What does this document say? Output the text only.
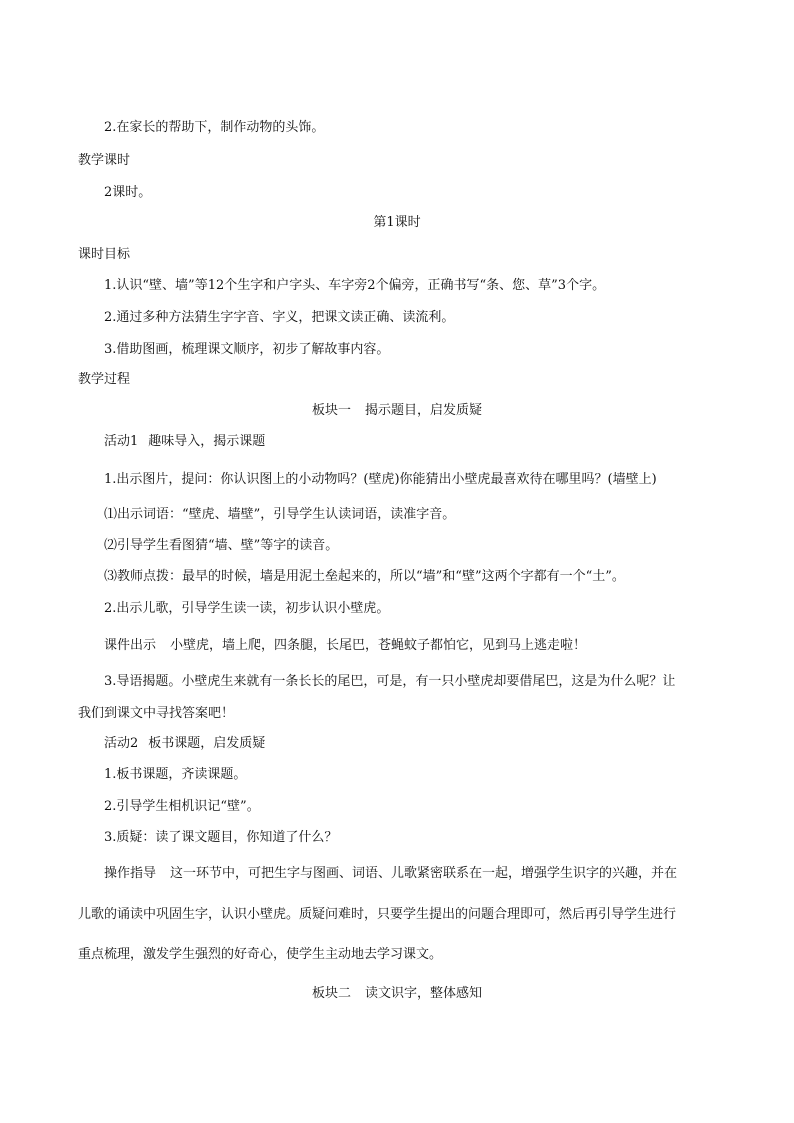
2.在家长的帮助下，制作动物的头饰。
教学课时
2课时。
第1课时
课时目标
1.认识“壁、墙”等12个生字和户字头、车字旁2个偏旁，正确书写“条、您、草”3个字。
2.通过多种方法猜生字字音、字义，把课文读正确、读流利。
3.借助图画，梳理课文顺序，初步了解故事内容。
教学过程
板块一 揭示题目，启发质疑
活动1 趣味导入，揭示课题
1.出示图片，提问：你认识图上的小动物吗？(壁虎)你能猜出小壁虎最喜欢待在哪里吗？(墙壁上)
⑴出示词语：“壁虎、墙壁”，引导学生认读词语，读准字音。
⑵引导学生看图猜“墙、壁”等字的读音。
⑶教师点拨：最早的时候，墙是用泥土垒起来的，所以“墙”和“壁”这两个字都有一个“土”。
2.出示儿歌，引导学生读一读，初步认识小壁虎。
课件出示 小壁虎，墙上爬，四条腿，长尾巴，苍蝇蚊子都怕它，见到马上逃走啦！
3.导语揭题。小壁虎生来就有一条长长的尾巴，可是，有一只小壁虎却要借尾巴，这是为什么呢？让
我们到课文中寻找答案吧！
活动2 板书课题，启发质疑
1.板书课题，齐读课题。
2.引导学生相机识记“壁”。
3.质疑：读了课文题目，你知道了什么？
操作指导 这一环节中，可把生字与图画、词语、儿歌紧密联系在一起，增强学生识字的兴趣，并在
儿歌的诵读中巩固生字，认识小壁虎。质疑问难时，只要学生提出的问题合理即可，然后再引导学生进行
重点梳理，激发学生强烈的好奇心，使学生主动地去学习课文。
板块二 读文识字，整体感知
